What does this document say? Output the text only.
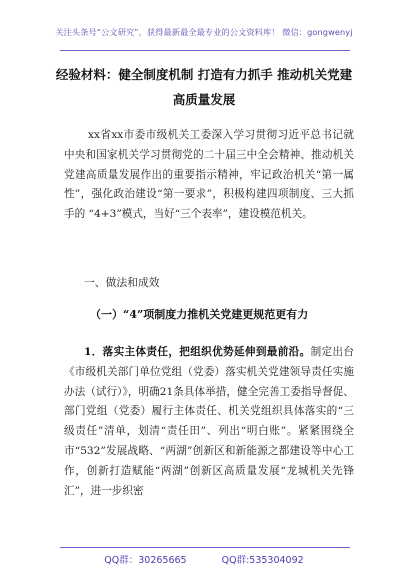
关注头条号“公文研究”，获得最新最全最专业的公文资料库！ 微信：gongwenyj
经验材料：健全制度机制 打造有力抓手 推动机关党建高质量发展
xx省xx市委市级机关工委深入学习贯彻习近平总书记就中央和国家机关学习贯彻党的二十届三中全会精神、推动机关党建高质量发展作出的重要指示精神，牢记政治机关“第一属性”，强化政治建设“第一要求”，积极构建四项制度、三大抓手的 “4+3”模式，当好“三个表率”，建设模范机关。
一、做法和成效
（一）“4”项制度力推机关党建更规范更有力
1．落实主体责任，把组织优势延伸到最前沿。制定出台《市级机关部门单位党组（党委）落实机关党建领导责任实施办法（试行）》，明确21条具体举措，健全完善工委指导督促、部门党组（党委）履行主体责任、机关党组织具体落实的“三级责任”清单，划清“责任田”、列出“明白账”。紧紧围绕全市“532”发展战略、“两湖”创新区和新能源之都建设等中心工作，创新打造赋能“两湖”创新区高质量发展“龙城机关先锋汇”，进一步织密
QQ群：30265665	QQ群:535304092
